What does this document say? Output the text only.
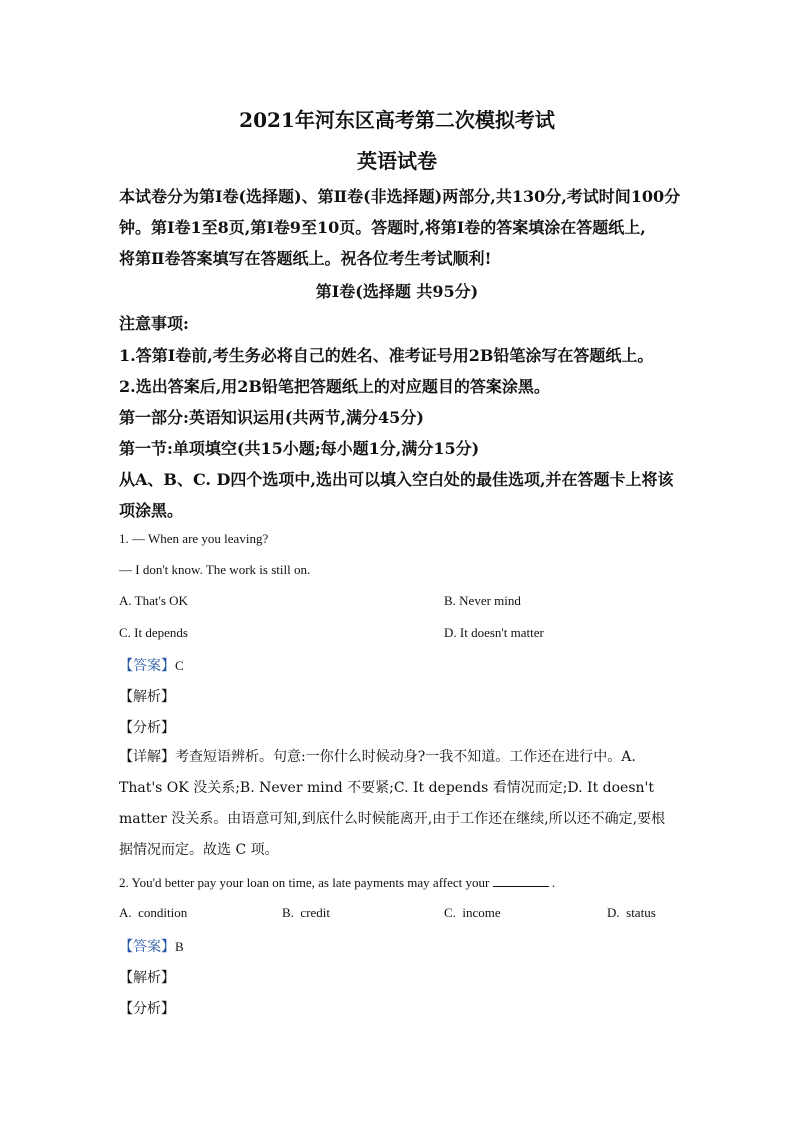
2021年河东区高考第二次模拟考试
英语试卷
本试卷分为第Ⅰ卷(选择题)、第Ⅱ卷(非选择题)两部分,共130分,考试时间100分
钟。第Ⅰ卷1至8页,第Ⅰ卷9至10页。答题时,将第Ⅰ卷的答案填涂在答题纸上,
将第Ⅱ卷答案填写在答题纸上。祝各位考生考试顺利!
第Ⅰ卷(选择题 共95分)
注意事项:
1.答第Ⅰ卷前,考生务必将自己的姓名、准考证号用2B铅笔涂写在答题纸上。
2.选出答案后,用2B铅笔把答题纸上的对应题目的答案涂黑。
第一部分:英语知识运用(共两节,满分45分)
第一节:单项填空(共15小题;每小题1分,满分15分)
从A、B、C. D四个选项中,选出可以填入空白处的最佳选项,并在答题卡上将该
项涂黑。
1. — When are you leaving?
— I don't know. The work is still on.
A. That's OK	B. Never mind
C. It depends	D. It doesn't matter
【答案】C
【解析】
【分析】
【详解】考查短语辨析。句意:一你什么时候动身?一我不知道。工作还在进行中。A. That's OK 没关系;B. Never mind 不要紧;C. It depends 看情况而定;D. It doesn't matter 没关系。由语意可知,到底什么时候能离开,由于工作还在继续,所以还不确定,要根据情况而定。故选 C 项。
2. You'd better pay your loan on time, as late payments may affect your	.
A. condition	B. credit	C. income	D. status
【答案】B
【解析】
【分析】
